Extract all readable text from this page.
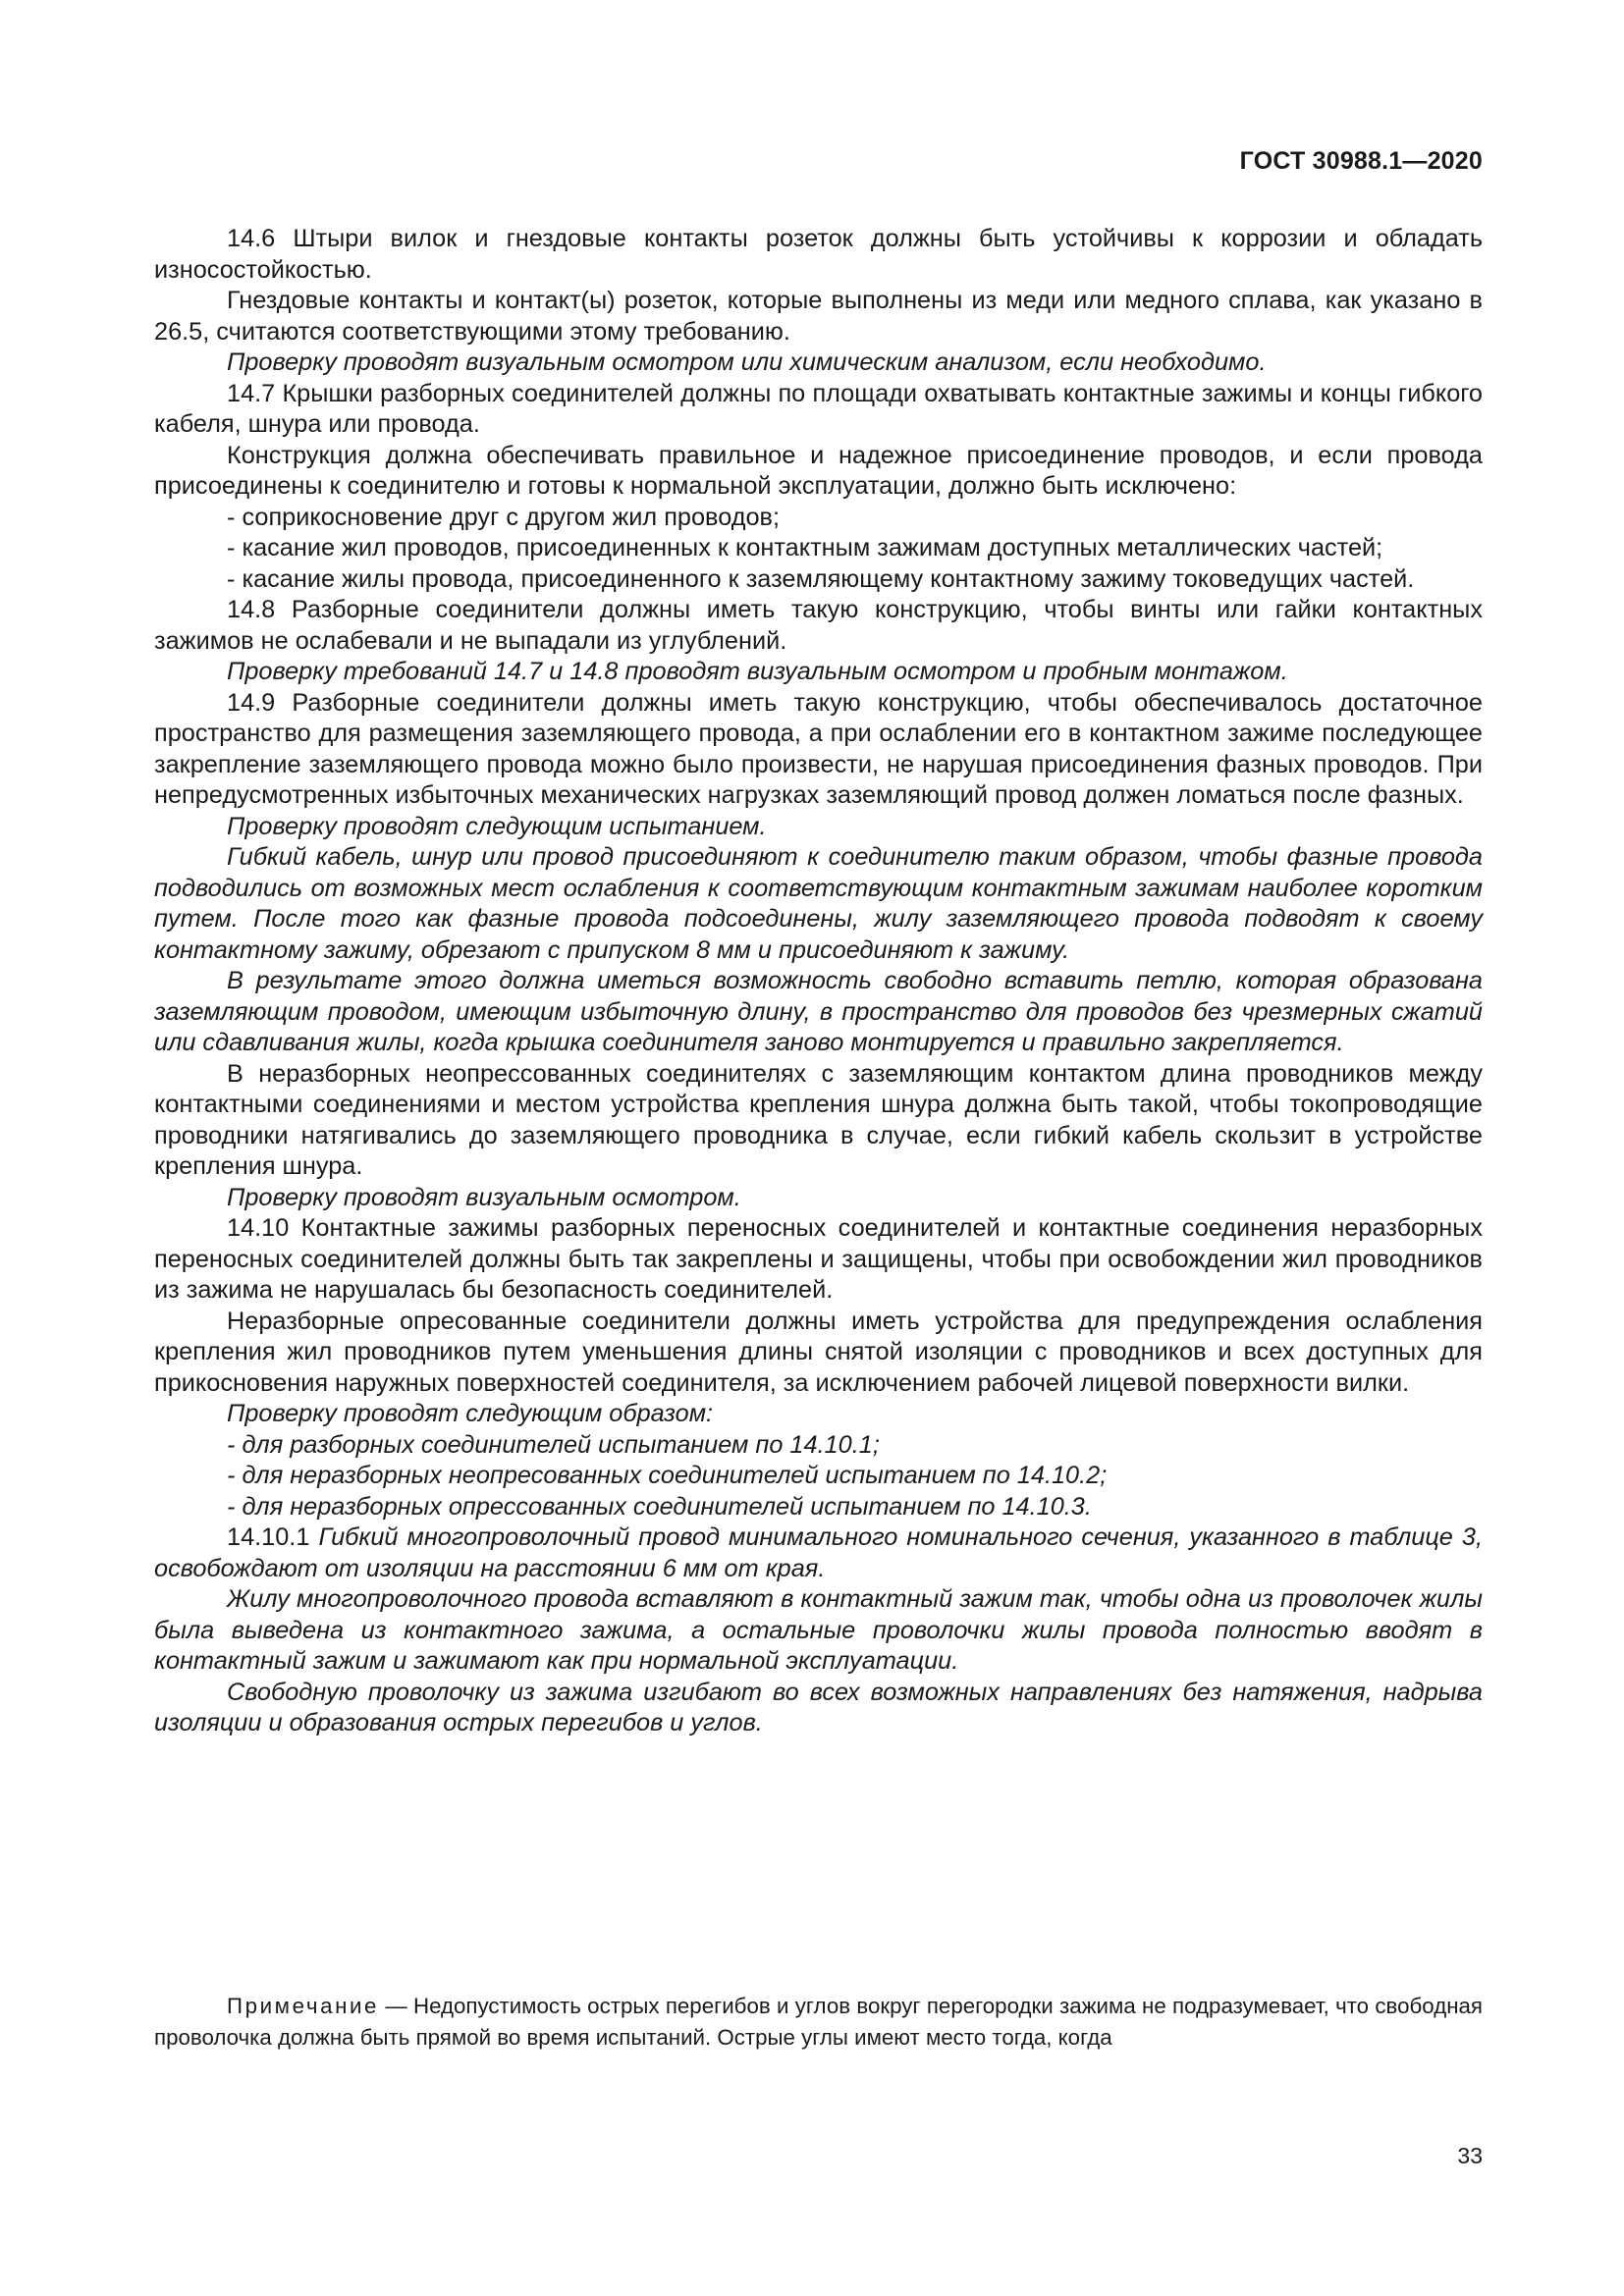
ГОСТ 30988.1—2020

14.6 Штыри вилок и гнездовые контакты розеток должны быть устойчивы к коррозии и обладать износостойкостью.

Гнездовые контакты и контакт(ы) розеток, которые выполнены из меди или медного сплава, как указано в 26.5, считаются соответствующими этому требованию.

Проверку проводят визуальным осмотром или химическим анализом, если необходимо.

14.7 Крышки разборных соединителей должны по площади охватывать контактные зажимы и концы гибкого кабеля, шнура или провода.

Конструкция должна обеспечивать правильное и надежное присоединение проводов, и если провода присоединены к соединителю и готовы к нормальной эксплуатации, должно быть исключено:

- соприкосновение друг с другом жил проводов;

- касание жил проводов, присоединенных к контактным зажимам доступных металлических частей;

- касание жилы провода, присоединенного к заземляющему контактному зажиму токоведущих частей.

14.8 Разборные соединители должны иметь такую конструкцию, чтобы винты или гайки контактных зажимов не ослабевали и не выпадали из углублений.

Проверку требований 14.7 и 14.8 проводят визуальным осмотром и пробным монтажом.

14.9 Разборные соединители должны иметь такую конструкцию, чтобы обеспечивалось достаточное пространство для размещения заземляющего провода, а при ослаблении его в контактном зажиме последующее закрепление заземляющего провода можно было произвести, не нарушая присоединения фазных проводов. При непредусмотренных избыточных механических нагрузках заземляющий провод должен ломаться после фазных.

Проверку проводят следующим испытанием.

Гибкий кабель, шнур или провод присоединяют к соединителю таким образом, чтобы фазные провода подводились от возможных мест ослабления к соответствующим контактным зажимам наиболее коротким путем. После того как фазные провода подсоединены, жилу заземляющего провода подводят к своему контактному зажиму, обрезают с припуском 8 мм и присоединяют к зажиму.

В результате этого должна иметься возможность свободно вставить петлю, которая образована заземляющим проводом, имеющим избыточную длину, в пространство для проводов без чрезмерных сжатий или сдавливания жилы, когда крышка соединителя заново монтируется и правильно закрепляется.

В неразборных неопрессованных соединителях с заземляющим контактом длина проводников между контактными соединениями и местом устройства крепления шнура должна быть такой, чтобы токопроводящие проводники натягивались до заземляющего проводника в случае, если гибкий кабель скользит в устройстве крепления шнура.

Проверку проводят визуальным осмотром.

14.10 Контактные зажимы разборных переносных соединителей и контактные соединения неразборных переносных соединителей должны быть так закреплены и защищены, чтобы при освобождении жил проводников из зажима не нарушалась бы безопасность соединителей.

Неразборные опресованные соединители должны иметь устройства для предупреждения ослабления крепления жил проводников путем уменьшения длины снятой изоляции с проводников и всех доступных для прикосновения наружных поверхностей соединителя, за исключением рабочей лицевой поверхности вилки.

Проверку проводят следующим образом:

- для разборных соединителей испытанием по 14.10.1;

- для неразборных неопресованных соединителей испытанием по 14.10.2;

- для неразборных опрессованных соединителей испытанием по 14.10.3.

14.10.1 Гибкий многопроволочный провод минимального номинального сечения, указанного в таблице 3, освобождают от изоляции на расстоянии 6 мм от края.

Жилу многопроволочного провода вставляют в контактный зажим так, чтобы одна из проволочек жилы была выведена из контактного зажима, а остальные проволочки жилы провода полностью вводят в контактный зажим и зажимают как при нормальной эксплуатации.

Свободную проволочку из зажима изгибают во всех возможных направлениях без натяжения, надрыва изоляции и образования острых перегибов и углов.

Примечание — Недопустимость острых перегибов и углов вокруг перегородки зажима не подразумевает, что свободная проволочка должна быть прямой во время испытаний. Острые углы имеют место тогда, когда
33
